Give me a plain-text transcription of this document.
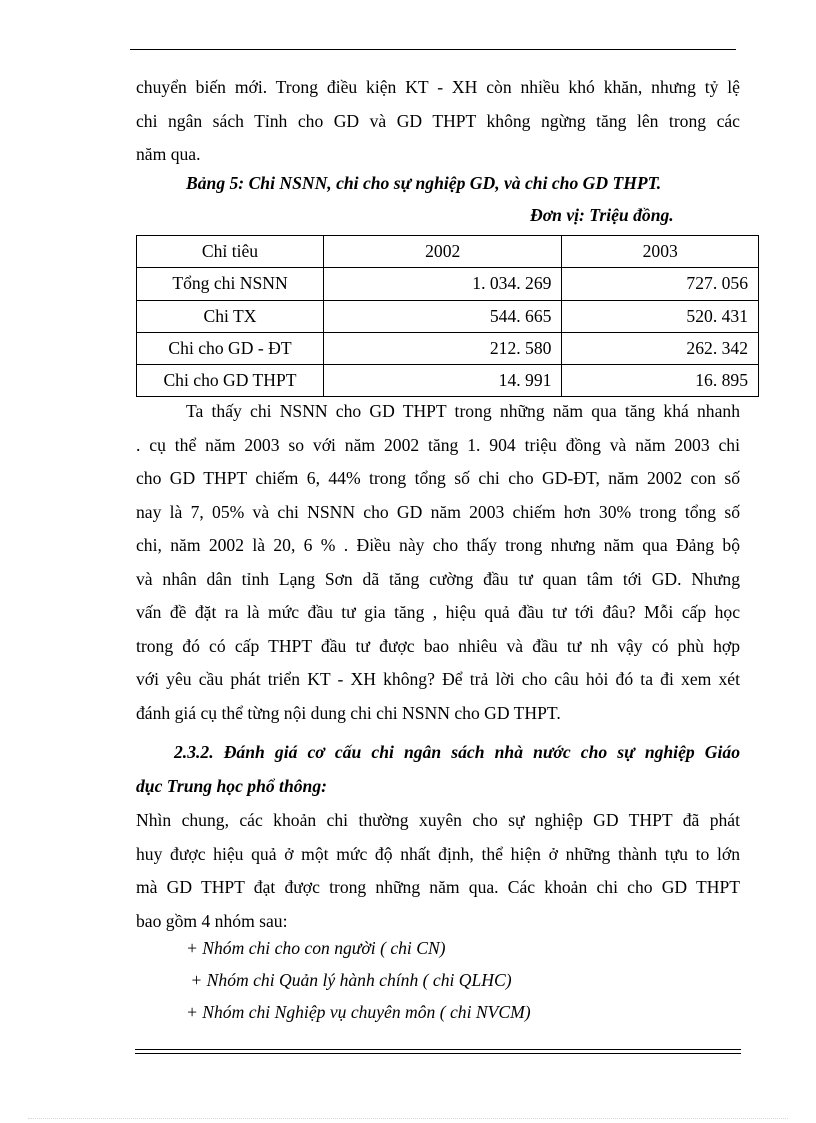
chuyển biến mới. Trong điều kiện KT - XH còn nhiều khó khăn, nhưng tỷ lệ
chi ngân sách Tỉnh cho GD và GD THPT không ngừng tăng lên trong các
năm qua.
Bảng 5: Chi NSNN, chi cho sự nghiệp GD, và chi cho GD THPT.
Đơn vị: Triệu đồng.
Chỉ tiêu	2002	2003
Tổng chi NSNN	1. 034. 269	727. 056
Chi TX	544. 665	520. 431
Chi cho GD - ĐT	212. 580	262. 342
Chi cho GD THPT	14. 991	16. 895
Ta thấy chi NSNN cho GD THPT trong những năm qua tăng khá nhanh
. cụ thể năm 2003 so với năm 2002 tăng 1. 904 triệu đồng và năm 2003 chi
cho GD THPT chiếm 6, 44% trong tổng số chi cho GD-ĐT, năm 2002 con số
nay là 7, 05% và chi NSNN cho GD năm 2003 chiếm hơn 30% trong tổng số
chi, năm 2002 là 20, 6 % . Điều này cho thấy trong nhưng năm qua Đảng bộ
và nhân dân tỉnh Lạng Sơn dã tăng cường đầu tư quan tâm tới GD. Nhưng
vấn đề đặt ra là mức đầu tư gia tăng , hiệu quả đầu tư tới đâu? Mỗi cấp học
trong đó có cấp THPT đầu tư được bao nhiêu và đầu tư nh vậy có phù hợp
với yêu cầu phát triển KT - XH không? Để trả lời cho câu hỏi đó ta đi xem xét
đánh giá cụ thể từng nội dung chi chi NSNN cho GD THPT.
2.3.2. Đánh giá cơ cấu chi ngân sách nhà nước cho sự nghiệp Giáo
dục Trung học phổ thông:
Nhìn chung, các khoản chi thường xuyên cho sự nghiệp GD THPT đã phát
huy được hiệu quả ở một mức độ nhất định, thể hiện ở những thành tựu to lớn
mà GD THPT đạt được trong những năm qua. Các khoản chi cho GD THPT
bao gồm 4 nhóm sau:
+ Nhóm chi cho con người ( chi CN)
+ Nhóm chi Quản lý hành chính ( chi QLHC)
+ Nhóm chi Nghiệp vụ chuyên môn ( chi NVCM)
